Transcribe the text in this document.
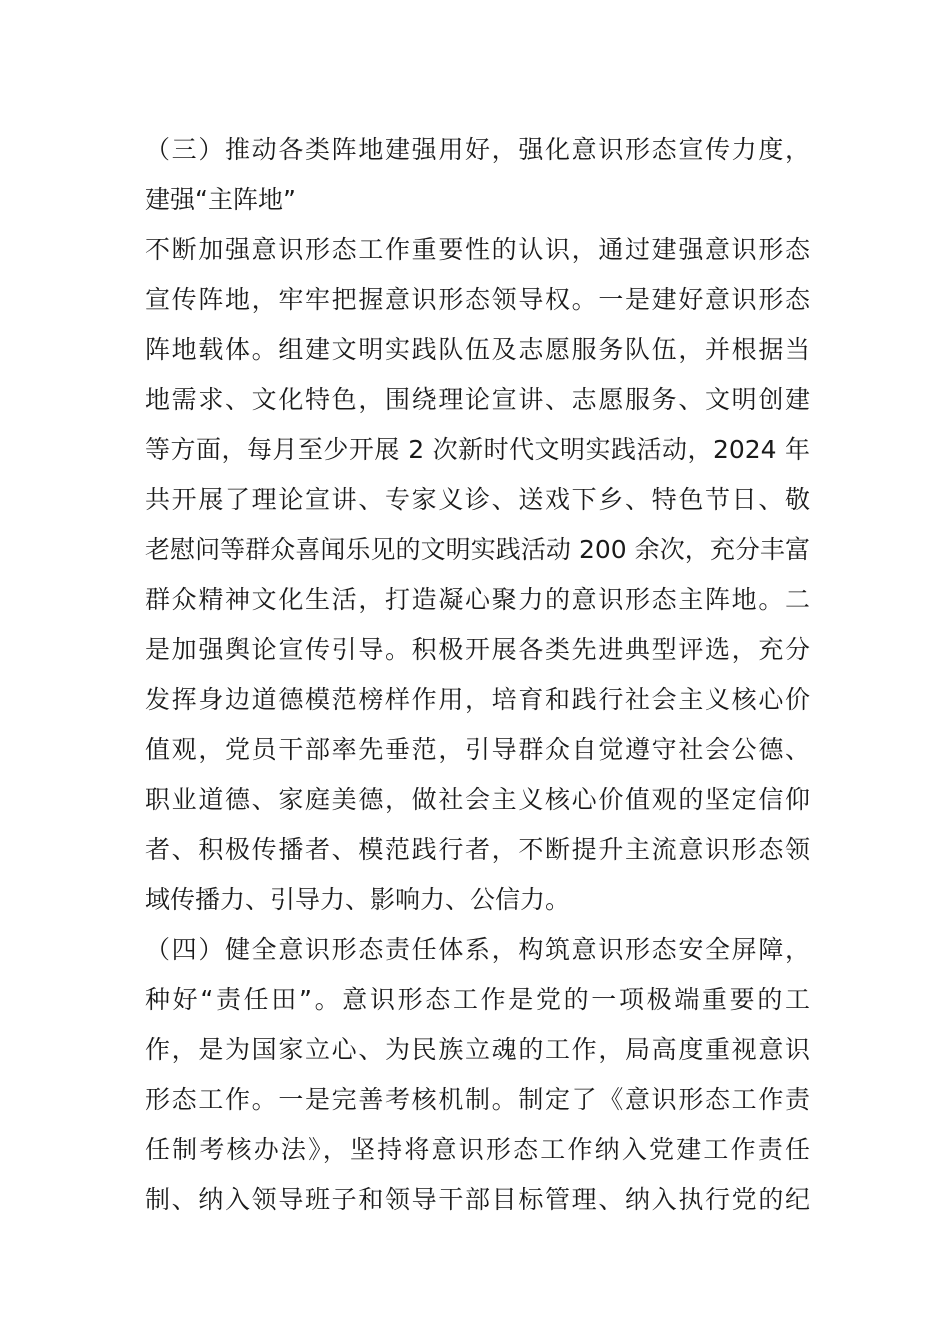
（三）推动各类阵地建强用好，强化意识形态宣传力度，
建强“主阵地”
不断加强意识形态工作重要性的认识，通过建强意识形态
宣传阵地，牢牢把握意识形态领导权。一是建好意识形态
阵地载体。组建文明实践队伍及志愿服务队伍，并根据当
地需求、文化特色，围绕理论宣讲、志愿服务、文明创建
等方面，每月至少开展 2 次新时代文明实践活动，2024 年
共开展了理论宣讲、专家义诊、送戏下乡、特色节日、敬
老慰问等群众喜闻乐见的文明实践活动 200 余次，充分丰富
群众精神文化生活，打造凝心聚力的意识形态主阵地。二
是加强舆论宣传引导。积极开展各类先进典型评选，充分
发挥身边道德模范榜样作用，培育和践行社会主义核心价
值观，党员干部率先垂范，引导群众自觉遵守社会公德、
职业道德、家庭美德，做社会主义核心价值观的坚定信仰
者、积极传播者、模范践行者，不断提升主流意识形态领
域传播力、引导力、影响力、公信力。
（四）健全意识形态责任体系，构筑意识形态安全屏障，
种好“责任田”。意识形态工作是党的一项极端重要的工
作，是为国家立心、为民族立魂的工作，局高度重视意识
形态工作。一是完善考核机制。制定了《意识形态工作责
任制考核办法》，坚持将意识形态工作纳入党建工作责任
制、纳入领导班子和领导干部目标管理、纳入执行党的纪
